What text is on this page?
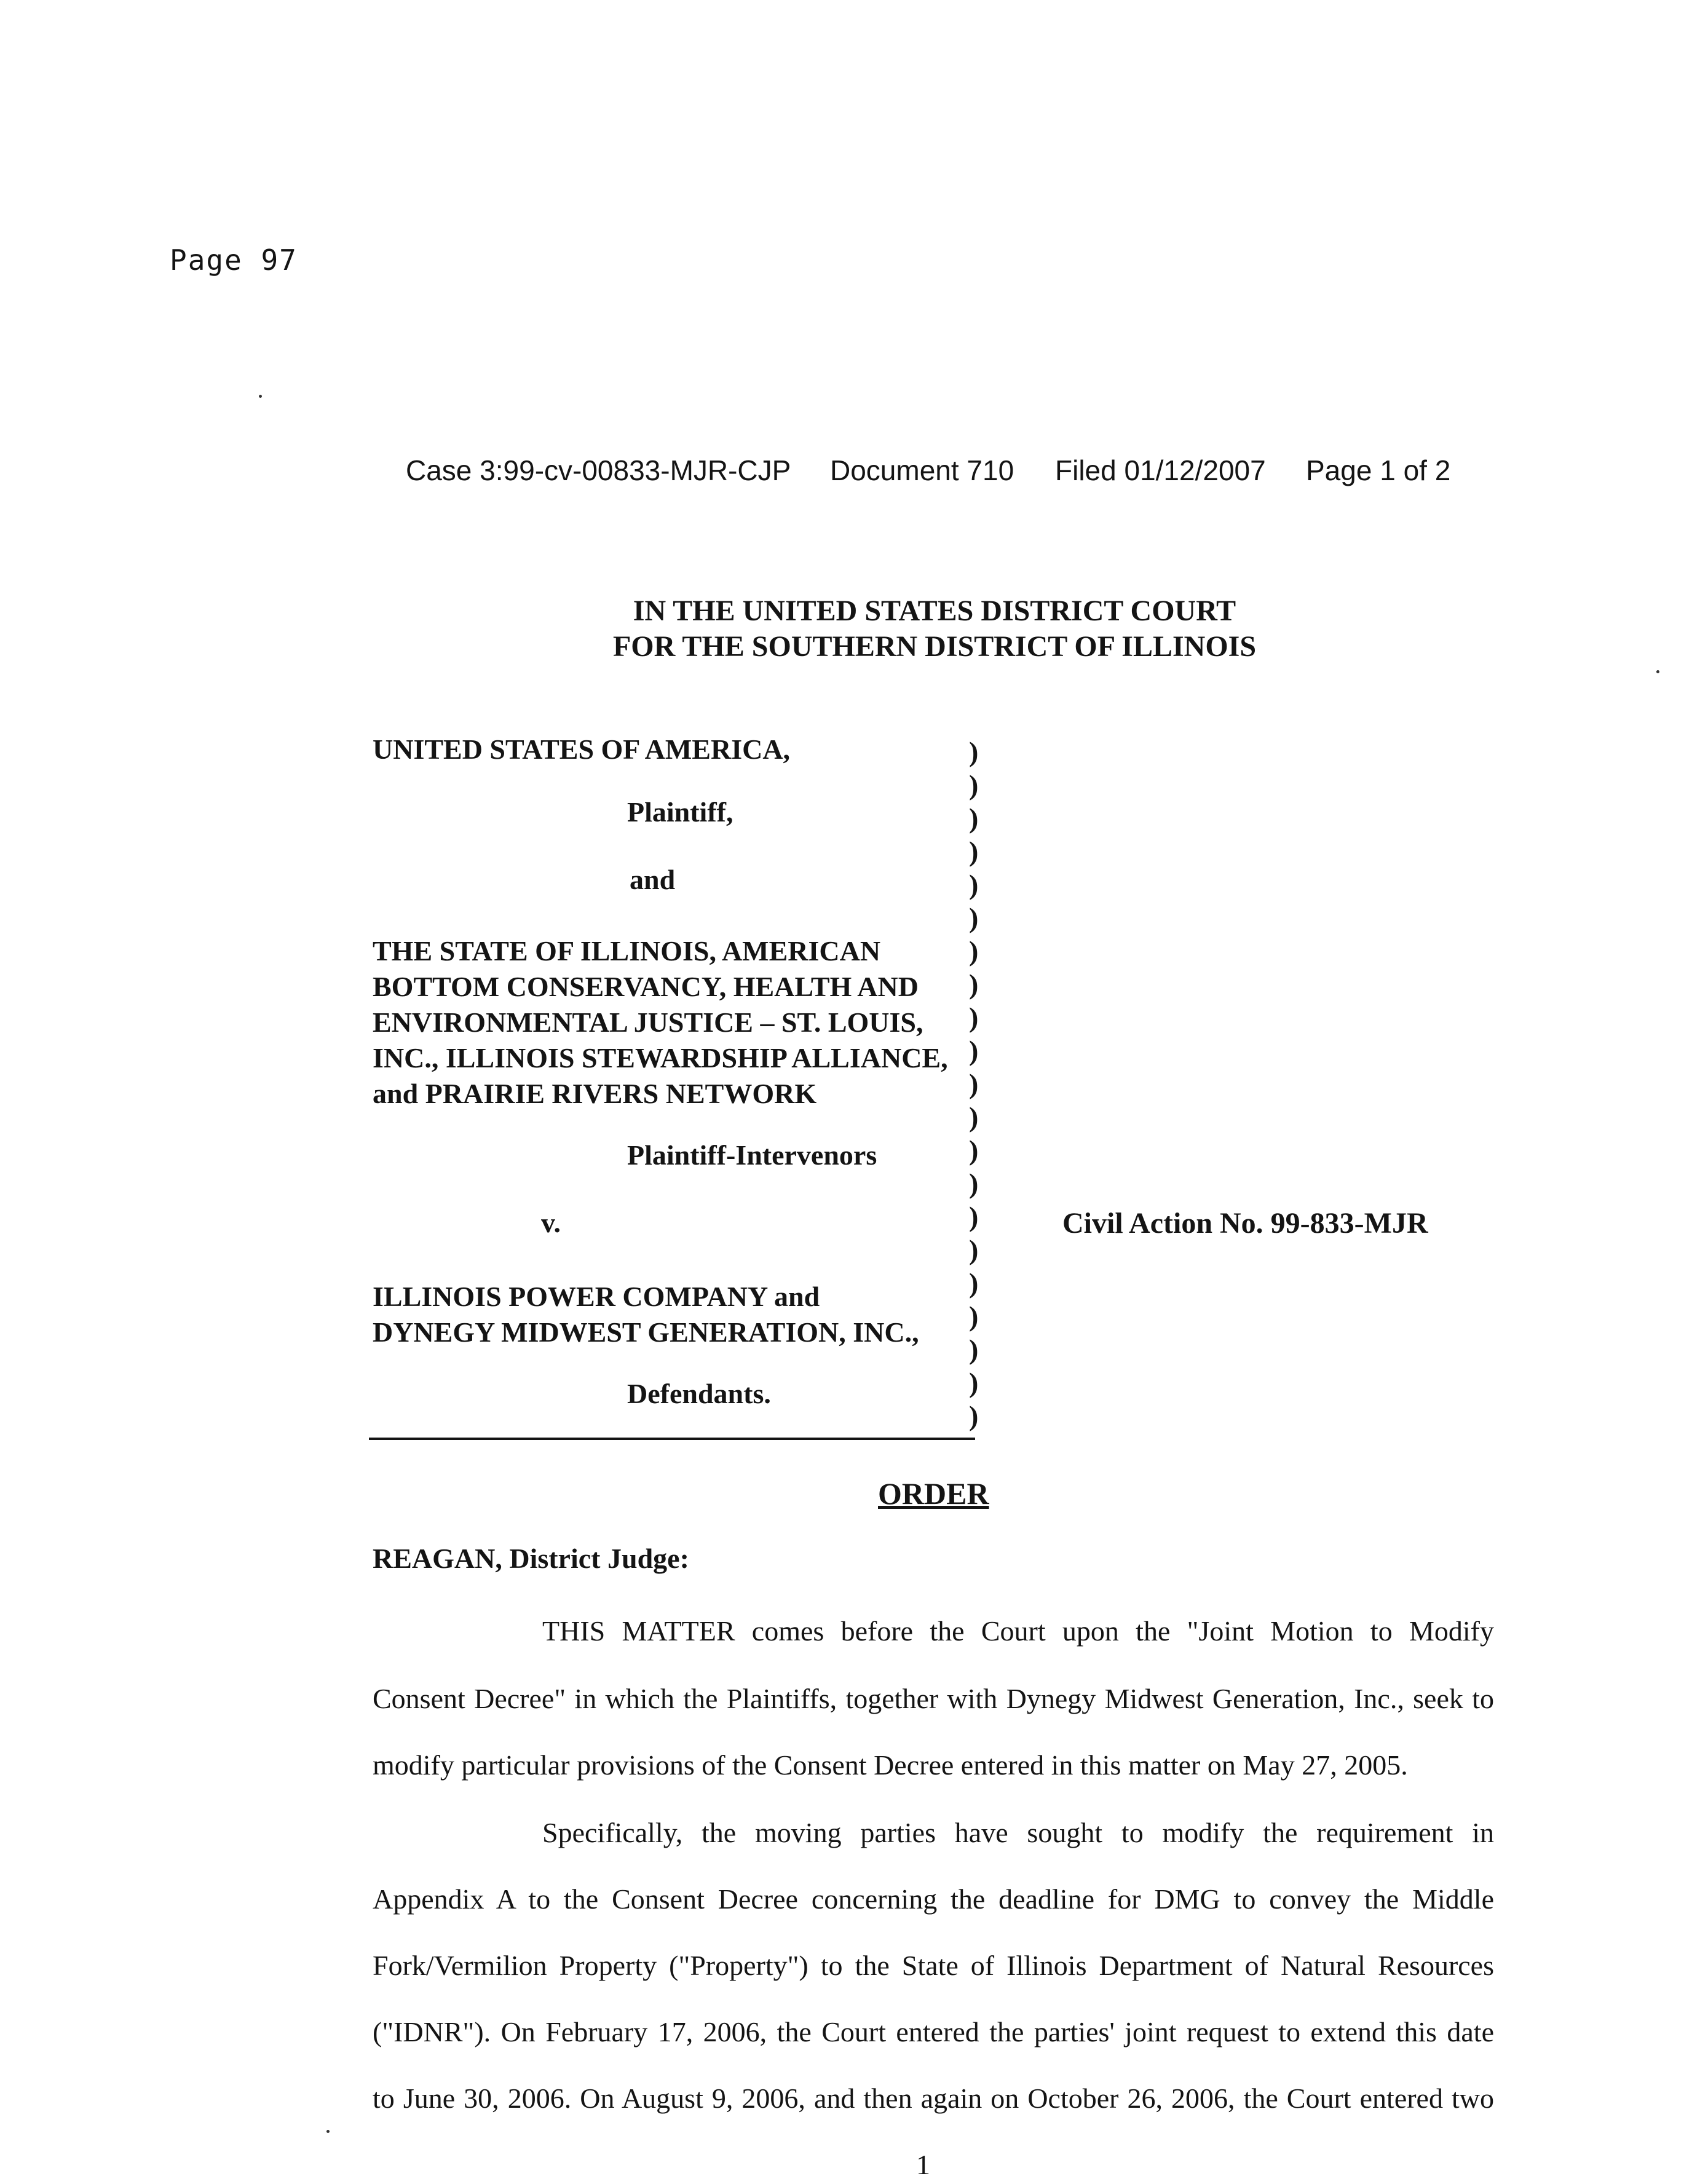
Page 97
Case 3:99-cv-00833-MJR-CJP Document 710 Filed 01/12/2007 Page 1 of 2
IN THE UNITED STATES DISTRICT COURT
FOR THE SOUTHERN DISTRICT OF ILLINOIS
UNITED STATES OF AMERICA,
Plaintiff,
and
THE STATE OF ILLINOIS, AMERICAN
BOTTOM CONSERVANCY, HEALTH AND
ENVIRONMENTAL JUSTICE – ST. LOUIS,
INC., ILLINOIS STEWARDSHIP ALLIANCE,
and PRAIRIE RIVERS NETWORK
Plaintiff-Intervenors
v.
ILLINOIS POWER COMPANY and
DYNEGY MIDWEST GENERATION, INC.,
Defendants.
)
)
)
)
)
)
)
)
)
)
)
)
)
)
)
)
)
)
)
)
)
Civil Action No. 99-833-MJR
ORDER
REAGAN, District Judge:
THIS MATTER comes before the Court upon the "Joint Motion to Modify
Consent Decree" in which the Plaintiffs, together with Dynegy Midwest Generation, Inc., seek to
modify particular provisions of the Consent Decree entered in this matter on May 27, 2005.
Specifically, the moving parties have sought to modify the requirement in
Appendix A to the Consent Decree concerning the deadline for DMG to convey the Middle
Fork/Vermilion Property ("Property") to the State of Illinois Department of Natural Resources
("IDNR"). On February 17, 2006, the Court entered the parties' joint request to extend this date
to June 30, 2006. On August 9, 2006, and then again on October 26, 2006, the Court entered two
1
